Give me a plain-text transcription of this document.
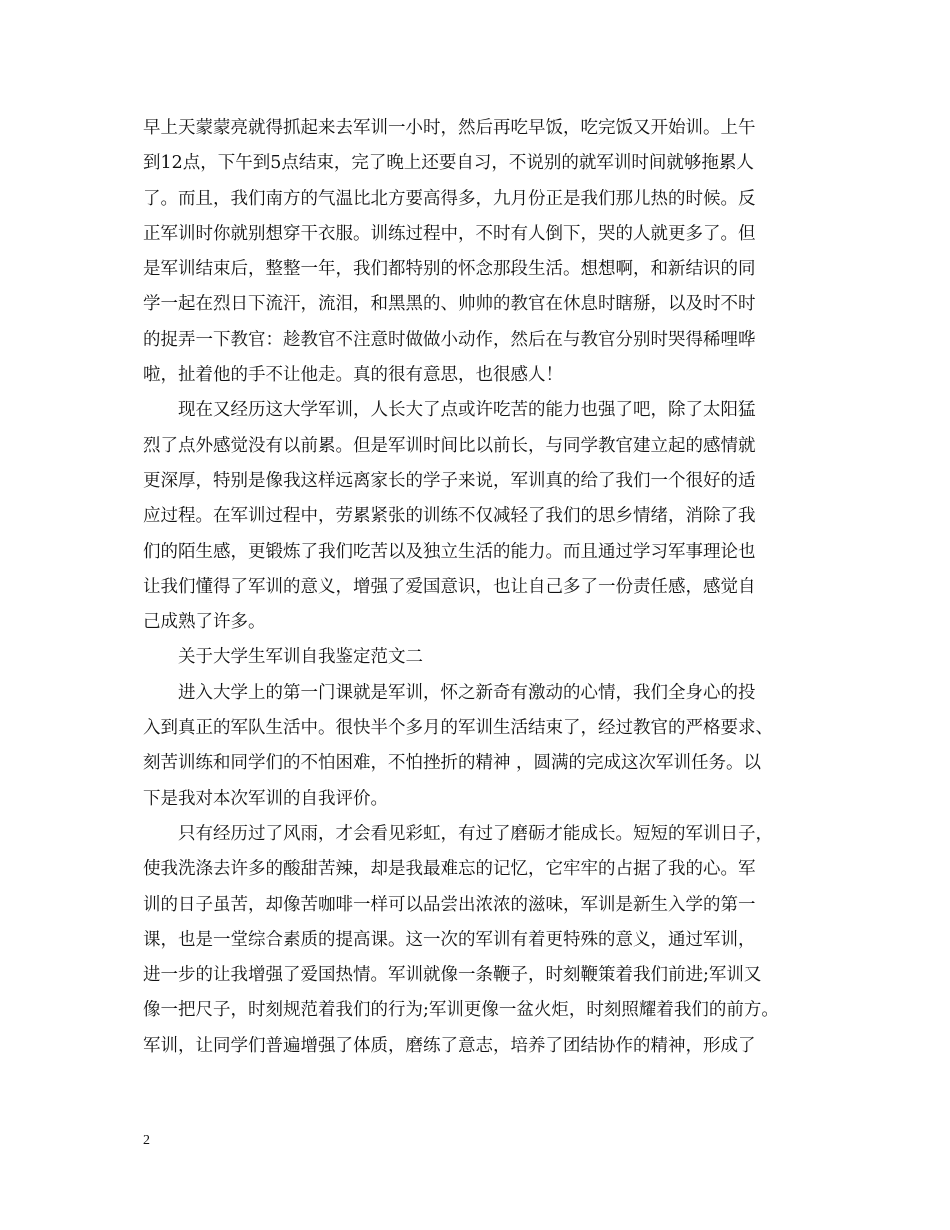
早上天蒙蒙亮就得抓起来去军训一小时，然后再吃早饭，吃完饭又开始训。上午
到12点，下午到5点结束，完了晚上还要自习，不说别的就军训时间就够拖累人
了。而且，我们南方的气温比北方要高得多，九月份正是我们那儿热的时候。反
正军训时你就别想穿干衣服。训练过程中，不时有人倒下，哭的人就更多了。但
是军训结束后，整整一年，我们都特别的怀念那段生活。想想啊，和新结识的同
学一起在烈日下流汗，流泪，和黑黑的、帅帅的教官在休息时瞎掰，以及时不时
的捉弄一下教官：趁教官不注意时做做小动作，然后在与教官分别时哭得稀哩哗
啦，扯着他的手不让他走。真的很有意思，也很感人！
　　现在又经历这大学军训，人长大了点或许吃苦的能力也强了吧，除了太阳猛
烈了点外感觉没有以前累。但是军训时间比以前长，与同学教官建立起的感情就
更深厚，特别是像我这样远离家长的学子来说，军训真的给了我们一个很好的适
应过程。在军训过程中，劳累紧张的训练不仅减轻了我们的思乡情绪，消除了我
们的陌生感，更锻炼了我们吃苦以及独立生活的能力。而且通过学习军事理论也
让我们懂得了军训的意义，增强了爱国意识，也让自己多了一份责任感，感觉自
己成熟了许多。
　　关于大学生军训自我鉴定范文二
　　进入大学上的第一门课就是军训，怀之新奇有激动的心情，我们全身心的投
入到真正的军队生活中。很快半个多月的军训生活结束了，经过教官的严格要求、
刻苦训练和同学们的不怕困难，不怕挫折的精神 ，圆满的完成这次军训任务。以
下是我对本次军训的自我评价。
　　只有经历过了风雨，才会看见彩虹，有过了磨砺才能成长。短短的军训日子，
使我洗涤去许多的酸甜苦辣，却是我最难忘的记忆，它牢牢的占据了我的心。军
训的日子虽苦，却像苦咖啡一样可以品尝出浓浓的滋味，军训是新生入学的第一
课，也是一堂综合素质的提高课。这一次的军训有着更特殊的意义，通过军训，
进一步的让我增强了爱国热情。军训就像一条鞭子，时刻鞭策着我们前进;军训又
像一把尺子，时刻规范着我们的行为;军训更像一盆火炬，时刻照耀着我们的前方。
军训，让同学们普遍增强了体质，磨练了意志，培养了团结协作的精神，形成了
2
